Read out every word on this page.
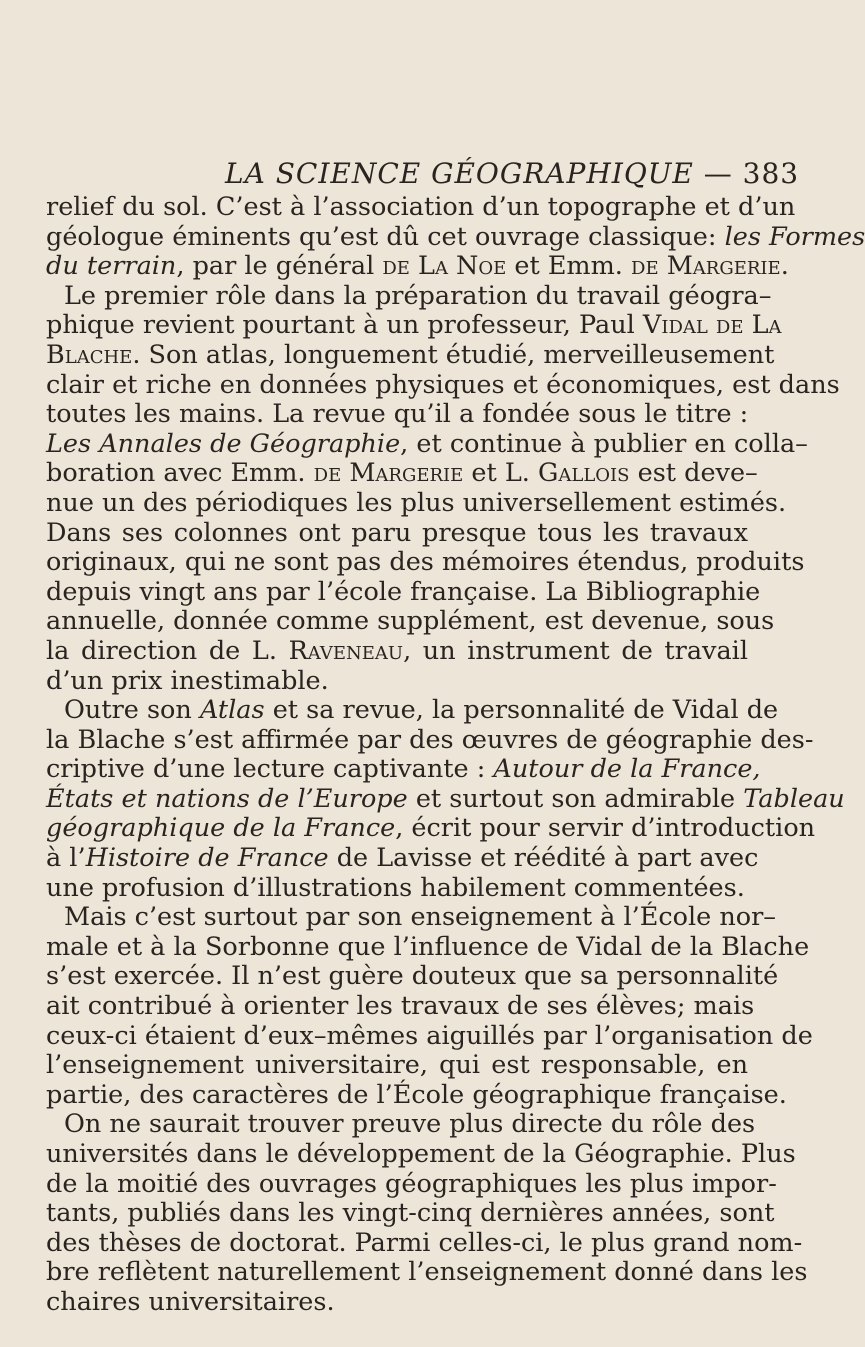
LA SCIENCE GÉOGRAPHIQUE — 383
relief du sol. C’est à l’association d’un topographe et d’un
géologue éminents qu’est dû cet ouvrage classique: les Formes
du terrain, par le général de La Noe et Emm. de Margerie.
Le premier rôle dans la préparation du travail géogra–
phique revient pourtant à un professeur, Paul Vidal de La
Blache. Son atlas, longuement étudié, merveilleusement
clair et riche en données physiques et économiques, est dans
toutes les mains. La revue qu’il a fondée sous le titre :
Les Annales de Géographie, et continue à publier en colla–
boration avec Emm. de Margerie et L. Gallois est deve–
nue un des périodiques les plus universellement estimés.
Dans ses colonnes ont paru presque tous les travaux
originaux, qui ne sont pas des mémoires étendus, produits
depuis vingt ans par l’école française. La Bibliographie
annuelle, donnée comme supplément, est devenue, sous
la direction de L. Raveneau, un instrument de travail
d’un prix inestimable.
Outre son Atlas et sa revue, la personnalité de Vidal de
la Blache s’est affirmée par des œuvres de géographie des-
criptive d’une lecture captivante : Autour de la France,
États et nations de l’Europe et surtout son admirable Tableau
géographique de la France, écrit pour servir d’introduction
à l’Histoire de France de Lavisse et réédité à part avec
une profusion d’illustrations habilement commentées.
Mais c’est surtout par son enseignement à l’École nor–
male et à la Sorbonne que l’influence de Vidal de la Blache
s’est exercée. Il n’est guère douteux que sa personnalité
ait contribué à orienter les travaux de ses élèves; mais
ceux-ci étaient d’eux–mêmes aiguillés par l’organisation de
l’enseignement universitaire, qui est responsable, en
partie, des caractères de l’École géographique française.
On ne saurait trouver preuve plus directe du rôle des
universités dans le développement de la Géographie. Plus
de la moitié des ouvrages géographiques les plus impor-
tants, publiés dans les vingt-cinq dernières années, sont
des thèses de doctorat. Parmi celles-ci, le plus grand nom-
bre reflètent naturellement l’enseignement donné dans les
chaires universitaires.
